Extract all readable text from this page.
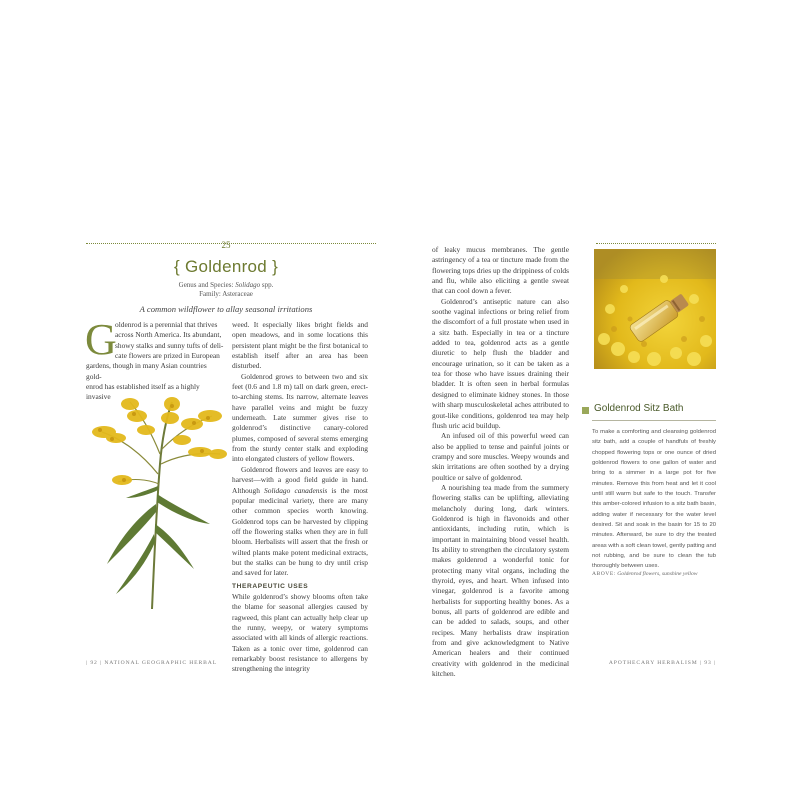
25
{ Goldenrod }
Genus and Species: Solidago spp.
Family: Asteraceae
A common wildflower to allay seasonal irritations
G
oldenrod is a perennial that thrives
across North America. Its abundant,
showy stalks and sunny tufts of deli-
cate flowers are prized in European
gardens, though in many Asian countries gold-
enrod has established itself as a highly invasive

weed. It especially likes bright fields and open meadows, and in some locations this persistent plant might be the first botanical to establish itself after an area has been disturbed.

Goldenrod grows to between two and six feet (0.6 and 1.8 m) tall on dark green, erect-to-arching stems. Its narrow, alternate leaves have parallel veins and might be fuzzy underneath. Late summer gives rise to goldenrod’s distinctive canary-colored plumes, composed of several stems emerging from the sturdy center stalk and exploding into elongated clusters of yellow flowers.

Goldenrod flowers and leaves are easy to harvest—with a good field guide in hand. Although Solidago canadensis is the most popular medicinal variety, there are many other common species worth knowing. Goldenrod tops can be harvested by clipping off the flowering stalks when they are in full bloom. Herbalists will assert that the fresh or wilted plants make potent medicinal extracts, but the stalks can be hung to dry until crisp and saved for later.

THERAPEUTIC USES

While goldenrod’s showy blooms often take the blame for seasonal allergies caused by ragweed, this plant can actually help clear up the runny, weepy, or watery symptoms associated with all kinds of allergic reactions. Taken as a tonic over time, goldenrod can remarkably boost resistance to allergens by strengthening the integrity

| 92 | NATIONAL GEOGRAPHIC HERBAL

of leaky mucus membranes. The gentle astringency of a tea or tincture made from the flowering tops dries up the drippiness of colds and flu, while also eliciting a gentle sweat that can cool down a fever.

Goldenrod’s antiseptic nature can also soothe vaginal infections or bring relief from the discomfort of a full prostate when used in a sitz bath. Especially in tea or a tincture added to tea, goldenrod acts as a gentle diuretic to help flush the bladder and encourage urination, so it can be taken as a tea for those who have issues draining their bladder. It is often seen in herbal formulas designed to eliminate kidney stones. In those with sharp musculoskeletal aches attributed to gout-like conditions, goldenrod tea may help flush uric acid buildup.

An infused oil of this powerful weed can also be applied to tense and painful joints or crampy and sore muscles. Weepy wounds and skin irritations are often soothed by a drying poultice or salve of goldenrod.

A nourishing tea made from the summery flowering stalks can be uplifting, alleviating melancholy during long, dark winters. Goldenrod is high in flavonoids and other antioxidants, including rutin, which is important in maintaining blood vessel health. Its ability to strengthen the circulatory system makes goldenrod a wonderful tonic for protecting many vital organs, including the thyroid, eyes, and heart. When infused into vinegar, goldenrod is a favorite among herbalists for supporting healthy bones. As a bonus, all parts of goldenrod are edible and can be added to salads, soups, and other recipes. Many herbalists draw inspiration from and give acknowledgment to Native American healers and their continued creativity with goldenrod in the medicinal kitchen.

Goldenrod Sitz Bath

To make a comforting and cleansing goldenrod sitz bath, add a couple of handfuls of freshly chopped flowering tops or one ounce of dried goldenrod flowers to one gallon of water and bring to a simmer in a large pot for five minutes. Remove this from heat and let it cool until still warm but safe to the touch. Transfer this amber-colored infusion to a sitz bath basin, adding water if necessary for the water level desired. Sit and soak in the basin for 15 to 20 minutes. Afterward, be sure to dry the treated areas with a soft clean towel, gently patting and not rubbing, and be sure to clean the tub thoroughly between uses.

ABOVE: Goldenrod flowers, sunshine yellow
APOTHECARY HERBALISM | 93 |
